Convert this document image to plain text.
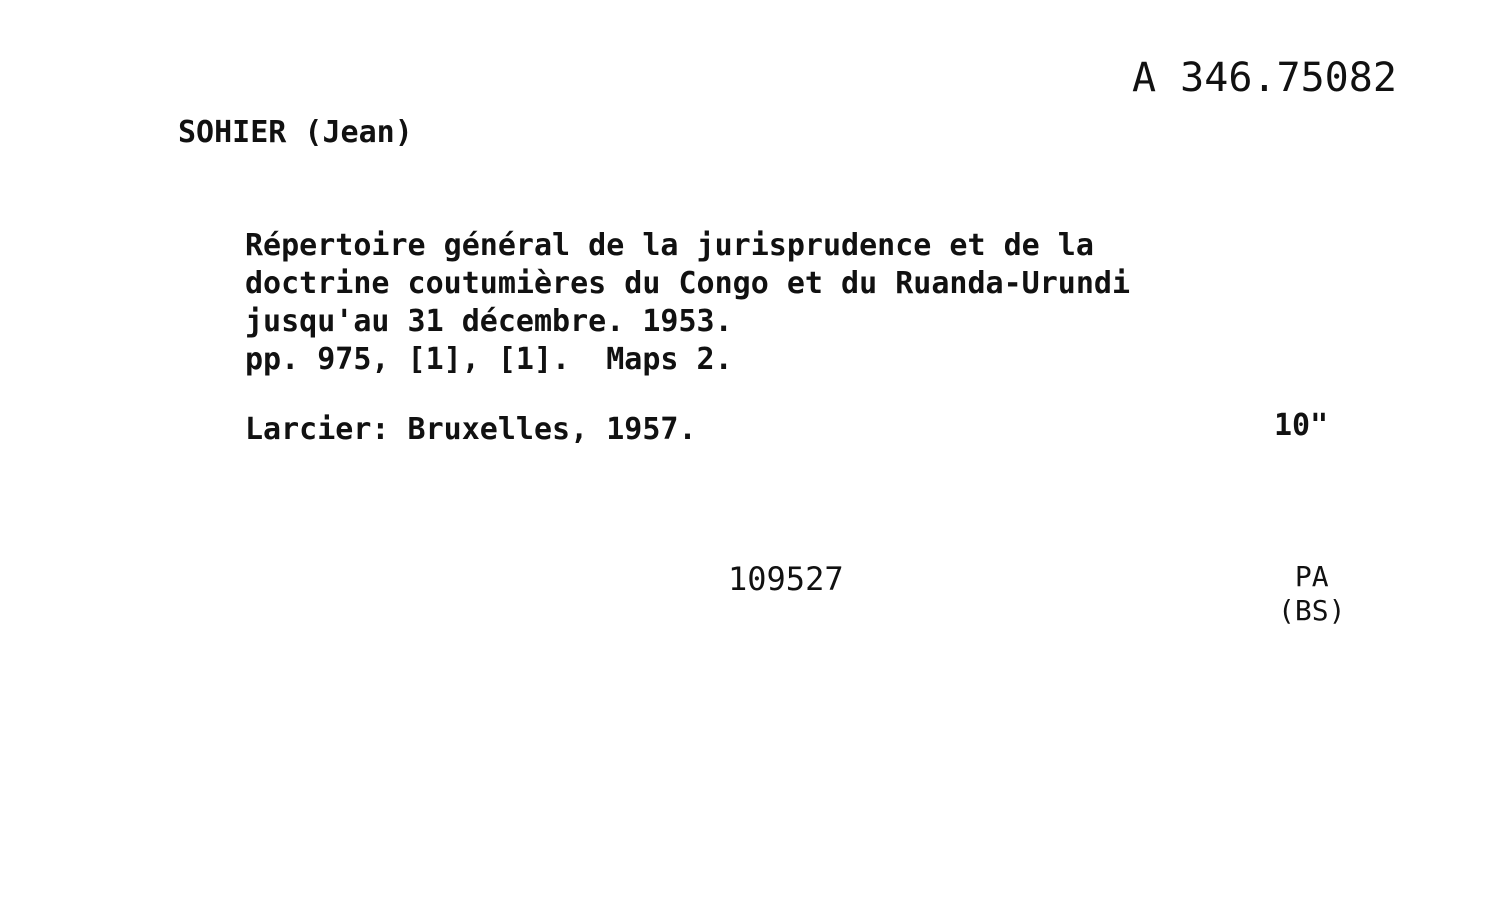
A 346.75082
SOHIER (Jean)
Répertoire général de la jurisprudence et de la
doctrine coutumières du Congo et du Ruanda-Urundi
jusqu'au 31 décembre. 1953.
pp. 975, [1], [1].  Maps 2.
Larcier: Bruxelles, 1957.	10"
109527	PA
(BS)
